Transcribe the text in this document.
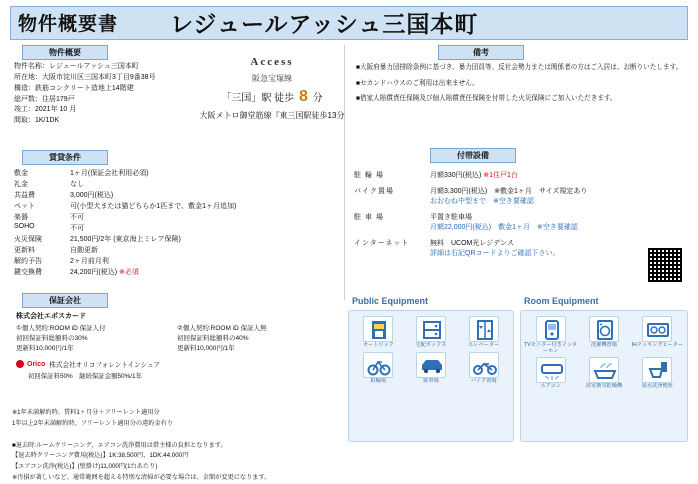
物件概要書 レジュールアッシュ三国本町
Access
阪急宝塚線
「三国」駅 徒歩 8 分
大阪メトロ御堂筋線『東三国駅徒歩13分
物件概要
物件名称：レジュールアッシュ三国本町
所在地：大阪市淀川区三国本町3丁目9番38号
構造：鉄筋コンクリート造地上14階建
総戸数：住居179戸
竣工：2021年 10 月
間取：1K/1DK
備考

■大阪府暴力団排除条例に基づき、暴力団員等、反社会勢力または関係者の方はご入居は、お断りいたします。

■セカンドハウスのご利用は出来ません。

■借家人賠償責任保険及び個人賠償責任保険を付帯した火災保険にご加入いただきます。

賃貸条件
敷金	1ヶ月(保証会社利用必須)
礼金	なし
共益費	3,000円(税込)
ペット	可(小型犬または猫どちらか1匹まで、敷金1ヶ月追加)
楽器	不可
SOHO	不可
火災保険	21,500円/2年 (東京海上ミレア保険)
更新料	自動更新
解約予告	2ヶ月前月利
鍵交換費	24,200円(税込) ※必須
付帯設備
駐 輪 場	月額330円(税込) ※1住戸1台
バイク置場	月額3,300円(税込)　※敷金1ヶ月　サイズ規定あり
おおむね中型まで　※空き要確認

駐 車 場	平置き駐車場
月額22,000円(税込)　敷金1ヶ月　※空き要確認

インターネット	無料　UCOM光レジデンス
詳細は右記QRコードよりご確認下さい。
保証会社
株式会社エポスカード
①個人契約:ROOM iD 保証人付
初回保証料総額料の30%
更新料10,000円/1年
②個人契約:ROOM iD 保証人無
初回保証料総額料の40%
更新料10,000円/1年
Orico 株式会社オリコフォレントインシュア
初回保証料50%　継続保証金額50%/1年
※1年未満解約時、賃料1ヶ月分＋フリーレント適用分
1年以上2年未満解約時、フリーレント適用分の違約金有り

■退去時:ルームクリーニング、エアコン洗浄費用は借主様の負担となります。
【退去時クリーニング費用(税込)】1K:38,500円、1DK:44,000円
【エアコン洗浄(税込)】(壁掛け)11,000円(1台あたり)
※汚損が著しいなど、通常範囲を超える特別な清掃が必要な場合は、金額が変更になります。
Public Equipment	Room Equipment
オートロック	宅配ボックス	エレベーター
駐輪場	駐車場	バイク置場
TVモニター付きインターホン
洗濯機置場	IHクッキングヒーター
エアコン	浴室換気乾燥機	温水洗浄便座
